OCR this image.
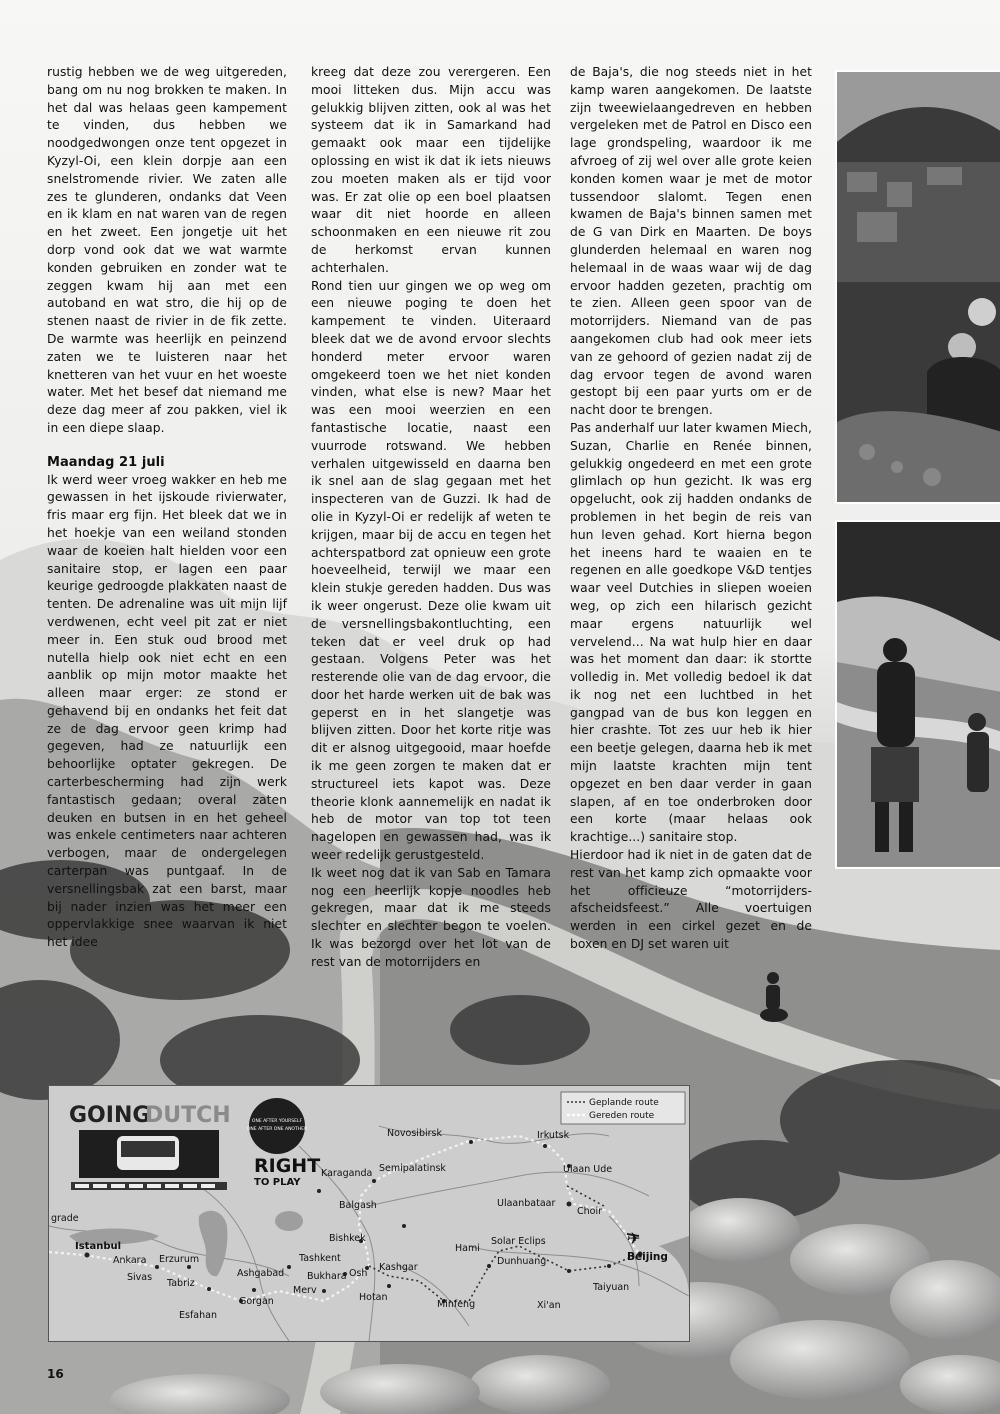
rustig hebben we de weg uitgereden, bang om nu nog brokken te maken. In het dal was helaas geen kampement te vinden, dus hebben we noodgedwongen onze tent opgezet in Kyzyl-Oi, een klein dorpje aan een snelstromende rivier. We zaten alle zes te glunderen, ondanks dat Veen en ik klam en nat waren van de regen en het zweet. Een jongetje uit het dorp vond ook dat we wat warmte konden gebruiken en zonder wat te zeggen kwam hij aan met een autoband en wat stro, die hij op de stenen naast de rivier in de fik zette. De warmte was heerlijk en peinzend zaten we te luisteren naar het knetteren van het vuur en het woeste water. Met het besef dat niemand me deze dag meer af zou pakken, viel ik in een diepe slaap.

Maandag 21 juli

Ik werd weer vroeg wakker en heb me gewassen in het ijskoude rivierwater, fris maar erg fijn. Het bleek dat we in het hoekje van een weiland stonden waar de koeien halt hielden voor een sanitaire stop, er lagen een paar keurige gedroogde plakkaten naast de tenten. De adrenaline was uit mijn lijf verdwenen, echt veel pit zat er niet meer in. Een stuk oud brood met nutella hielp ook niet echt en een aanblik op mijn motor maakte het alleen maar erger: ze stond er gehavend bij en ondanks het feit dat ze de dag ervoor geen krimp had gegeven, had ze natuurlijk een behoorlijke optater gekregen. De carterbescherming had zijn werk fantastisch gedaan; overal zaten deuken en butsen in en het geheel was enkele centimeters naar achteren verbogen, maar de ondergelegen carterpan was puntgaaf. In de versnellingsbak zat een barst, maar bij nader inzien was het meer een oppervlakkige snee waarvan ik niet het idee

kreeg dat deze zou verergeren. Een mooi litteken dus. Mijn accu was gelukkig blijven zitten, ook al was het systeem dat ik in Samarkand had gemaakt ook maar een tijdelijke oplossing en wist ik dat ik iets nieuws zou moeten maken als er tijd voor was. Er zat olie op een boel plaatsen waar dit niet hoorde en alleen schoonmaken en een nieuwe rit zou de herkomst ervan kunnen achterhalen.

Rond tien uur gingen we op weg om een nieuwe poging te doen het kampement te vinden. Uiteraard bleek dat we de avond ervoor slechts honderd meter ervoor waren omgekeerd toen we het niet konden vinden, what else is new? Maar het was een mooi weerzien en een fantastische locatie, naast een vuurrode rotswand. We hebben verhalen uitgewisseld en daarna ben ik snel aan de slag gegaan met het inspecteren van de Guzzi. Ik had de olie in Kyzyl-Oi er redelijk af weten te krijgen, maar bij de accu en tegen het achterspatbord zat opnieuw een grote hoeveelheid, terwijl we maar een klein stukje gereden hadden. Dus was ik weer ongerust. Deze olie kwam uit de versnellingsbakontluchting, een teken dat er veel druk op had gestaan. Volgens Peter was het resterende olie van de dag ervoor, die door het harde werken uit de bak was geperst en in het slangetje was blijven zitten. Door het korte ritje was dit er alsnog uitgegooid, maar hoefde ik me geen zorgen te maken dat er structureel iets kapot was. Deze theorie klonk aannemelijk en nadat ik heb de motor van top tot teen nagelopen en gewassen had, was ik weer redelijk gerustgesteld.

Ik weet nog dat ik van Sab en Tamara nog een heerlijk kopje noodles heb gekregen, maar dat ik me steeds slechter en slechter begon te voelen. Ik was bezorgd over het lot van de rest van de motorrijders en

de Baja's, die nog steeds niet in het kamp waren aangekomen. De laatste zijn tweewielaangedreven en hebben vergeleken met de Patrol en Disco een lage grondspeling, waardoor ik me afvroeg of zij wel over alle grote keien konden komen waar je met de motor tussendoor slalomt. Tegen enen kwamen de Baja's binnen samen met de G van Dirk en Maarten. De boys glunderden helemaal en waren nog helemaal in de waas waar wij de dag ervoor hadden gezeten, prachtig om te zien. Alleen geen spoor van de motorrijders. Niemand van de pas aangekomen club had ook meer iets van ze gehoord of gezien nadat zij de dag ervoor tegen de avond waren gestopt bij een paar yurts om er de nacht door te brengen.

Pas anderhalf uur later kwamen Miech, Suzan, Charlie en Renée binnen, gelukkig ongedeerd en met een grote glimlach op hun gezicht. Ik was erg opgelucht, ook zij hadden ondanks de problemen in het begin de reis van hun leven gehad. Kort hierna begon het ineens hard te waaien en te regenen en alle goedkope V&D tentjes waar veel Dutchies in sliepen woeien weg, op zich een hilarisch gezicht maar ergens natuurlijk wel vervelend... Na wat hulp hier en daar was het moment dan daar: ik stortte volledig in. Met volledig bedoel ik dat ik nog net een luchtbed in het gangpad van de bus kon leggen en hier crashte. Tot zes uur heb ik hier een beetje gelegen, daarna heb ik met mijn laatste krachten mijn tent opgezet en ben daar verder in gaan slapen, af en toe onderbroken door een korte (maar helaas ook krachtige...) sanitaire stop.

Hierdoor had ik niet in de gaten dat de rest van het kamp zich opmaakte voor het officieuze “motorrijders-afscheidsfeest.” Alle voertuigen werden in een cirkel gezet en de boxen en DJ set waren uit

✈
Geplande route
Gereden route
GOING
DUTCH	ONE AFTER YOURSELF
ONE AFTER ONE ANOTHER
RIGHT
TO PLAY
grade
Istanbul
Ankara Erzurum
Sivas
Tabriz
Esfahan
Gorgan
Ashgabad
Merv
Bukhara
Tashkent
Osh
Bishkek
Kashgar
Hotan
Balgash
Karaganda Semipalatinsk
Novosibirsk	Irkutsk
Ulaan Ude
Ulaanbataar
Choir
Beijing
Taiyuan
Xi'an
Minfeng
Hami
Solar Eclips
Dunhuang
16
